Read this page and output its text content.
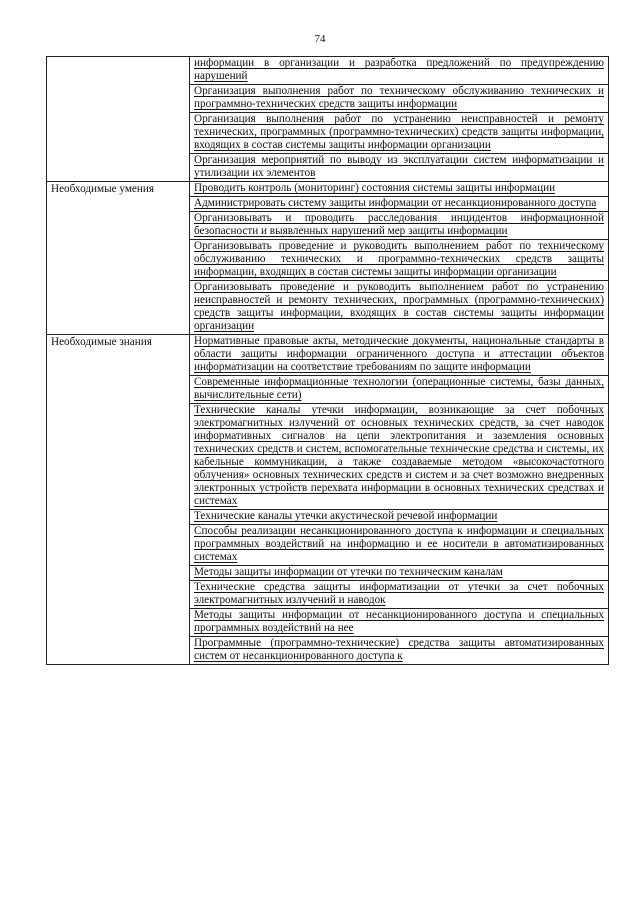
74
	информации в организации и разработка предложений по предупреждению нарушений
	Организация выполнения работ по техническому обслуживанию технических и программно-технических средств защиты информации
	Организация выполнения работ по устранению неисправностей и ремонту технических, программных (программно-технических) средств защиты информации, входящих в состав системы защиты информации организации
	Организация мероприятий по выводу из эксплуатации систем информатизации и утилизации их элементов
Необходимые умения	Проводить контроль (мониторинг) состояния системы защиты информации
	Администрировать систему защиты информации от несанкционированного доступа
	Организовывать и проводить расследования инцидентов информационной безопасности и выявленных нарушений мер защиты информации
	Организовывать проведение и руководить выполнением работ по техническому обслуживанию технических и программно-технических средств защиты информации, входящих в состав системы защиты информации организации
	Организовывать проведение и руководить выполнением работ по устранению неисправностей и ремонту технических, программных (программно-технических) средств защиты информации, входящих в состав системы защиты информации организации
Необходимые знания	Нормативные правовые акты, методические документы, национальные стандарты в области защиты информации ограниченного доступа и аттестации объектов информатизации на соответствие требованиям по защите информации
	Современные информационные технологии (операционные системы, базы данных, вычислительные сети)
	Технические каналы утечки информации, возникающие за счет побочных электромагнитных излучений от основных технических средств, за счет наводок информативных сигналов на цепи электропитания и заземления основных технических средств и систем, вспомогательные технические средства и системы, их кабельные коммуникации, а также создаваемые методом «высокочастотного облучения» основных технических средств и систем и за счет возможно внедренных электронных устройств перехвата информации в основных технических средствах и системах
	Технические каналы утечки акустической речевой информации
	Способы реализации несанкционированного доступа к информации и специальных программных воздействий на информацию и ее носители в автоматизированных системах
	Методы защиты информации от утечки по техническим каналам
	Технические средства защиты информатизации от утечки за счет побочных электромагнитных излучений и наводок
	Методы защиты информации от несанкционированного доступа и специальных программных воздействий на нее
	Программные (программно-технические) средства защиты автоматизированных систем от несанкционированного доступа к
